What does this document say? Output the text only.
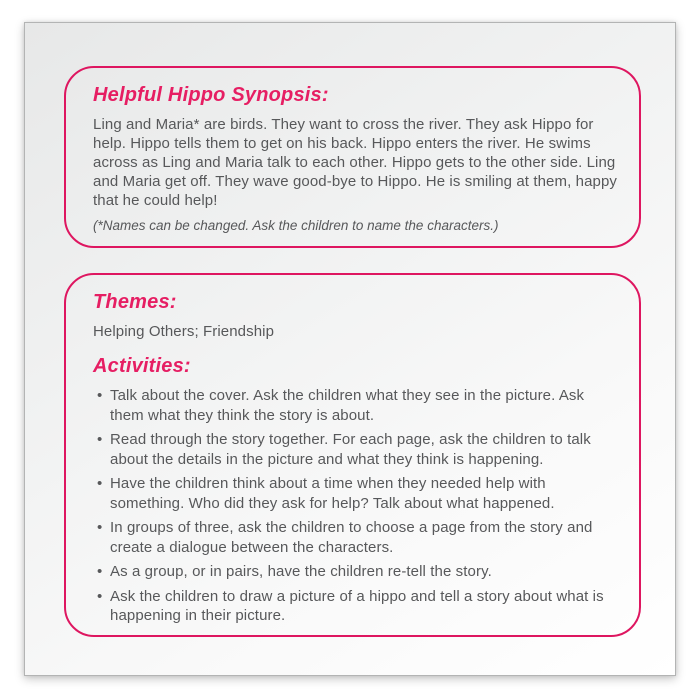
Helpful Hippo Synopsis:

Ling and Maria* are birds. They want to cross the river. They ask Hippo for help. Hippo tells them to get on his back. Hippo enters the river. He swims across as Ling and Maria talk to each other. Hippo gets to the other side. Ling and Maria get off. They wave good-bye to Hippo. He is smiling at them, happy that he could help!

(*Names can be changed. Ask the children to name the characters.)

Themes:

Helping Others; Friendship

Activities:
• Talk about the cover. Ask the children what they see in the picture. Ask them what they think the story is about.
• Read through the story together. For each page, ask the children to talk about the details in the picture and what they think is happening.
• Have the children think about a time when they needed help with something. Who did they ask for help? Talk about what happened.
• In groups of three, ask the children to choose a page from the story and create a dialogue between the characters.
• As a group, or in pairs, have the children re-tell the story.
• Ask the children to draw a picture of a hippo and tell a story about what is happening in their picture.
